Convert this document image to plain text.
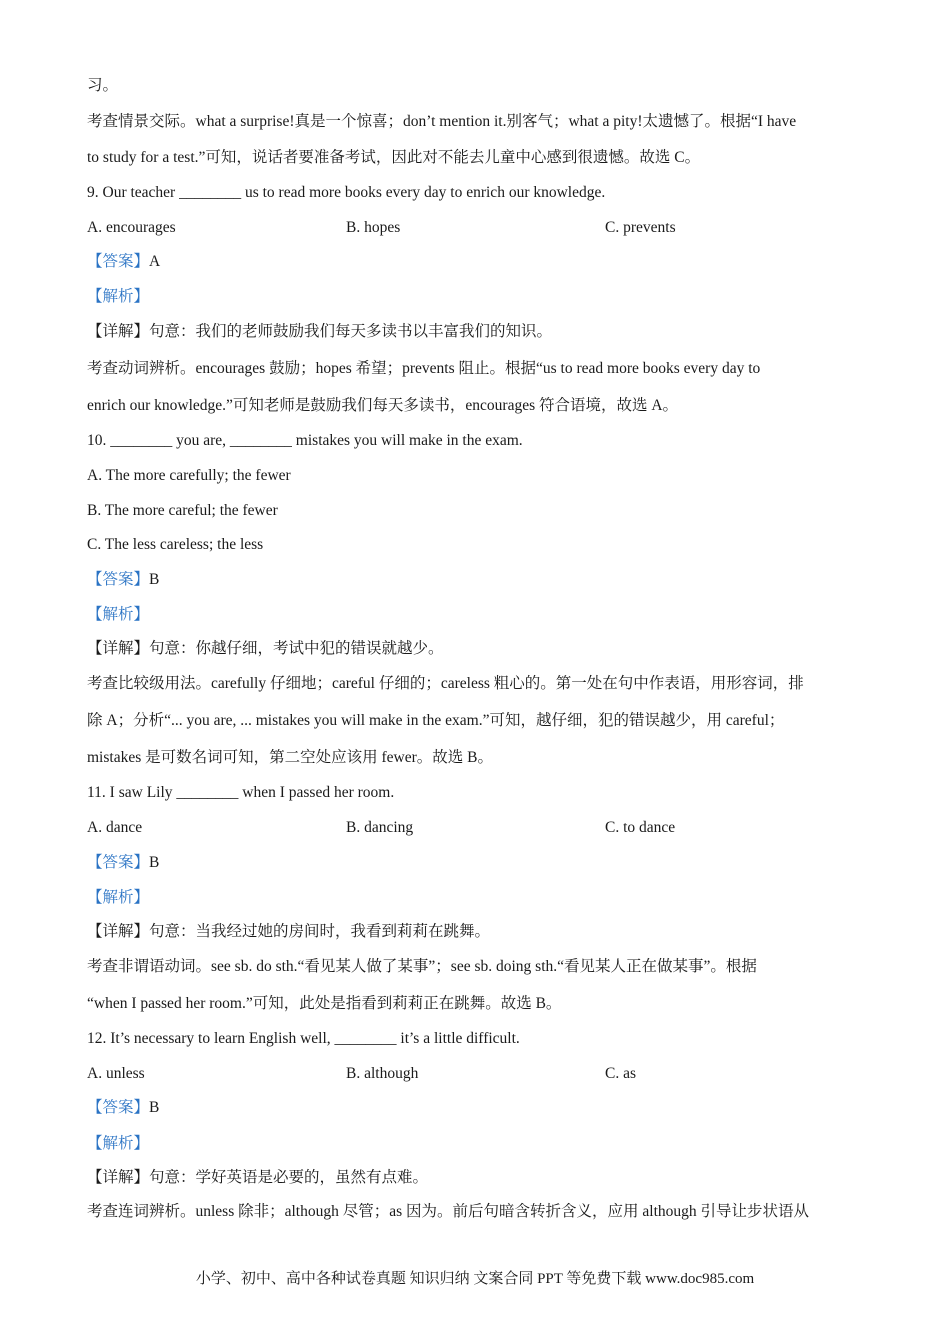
习。
考查情景交际。what a surprise!真是一个惊喜；don’t mention it.别客气；what a pity!太遗憾了。根据“I have
to study for a test.”可知，说话者要准备考试，因此对不能去儿童中心感到很遗憾。故选 C。
9. Our teacher ________ us to read more books every day to enrich our knowledge.
A. encourages	B. hopes	C. prevents
【答案】A
【解析】
【详解】句意：我们的老师鼓励我们每天多读书以丰富我们的知识。
考查动词辨析。encourages 鼓励；hopes 希望；prevents 阻止。根据“us to read more books every day to
enrich our knowledge.”可知老师是鼓励我们每天多读书，encourages 符合语境，故选 A。
10. ________ you are, ________ mistakes you will make in the exam.
A. The more carefully; the fewer
B. The more careful; the fewer
C. The less careless; the less
【答案】B
【解析】
【详解】句意：你越仔细，考试中犯的错误就越少。
考查比较级用法。carefully 仔细地；careful 仔细的；careless 粗心的。第一处在句中作表语，用形容词，排
除 A；分析“... you are, ... mistakes you will make in the exam.”可知，越仔细，犯的错误越少，用 careful；
mistakes 是可数名词可知，第二空处应该用 fewer。故选 B。
11. I saw Lily ________ when I passed her room.
A. dance	B. dancing	C. to dance
【答案】B
【解析】
【详解】句意：当我经过她的房间时，我看到莉莉在跳舞。
考查非谓语动词。see sb. do sth.“看见某人做了某事”；see sb. doing sth.“看见某人正在做某事”。根据
“when I passed her room.”可知，此处是指看到莉莉正在跳舞。故选 B。
12. It’s necessary to learn English well, ________ it’s a little difficult.
A. unless	B. although	C. as
【答案】B
【解析】
【详解】句意：学好英语是必要的，虽然有点难。
考查连词辨析。unless 除非；although 尽管；as 因为。前后句暗含转折含义，应用 although 引导让步状语从
小学、初中、高中各种试卷真题 知识归纳 文案合同 PPT 等免费下载 www.doc985.com
